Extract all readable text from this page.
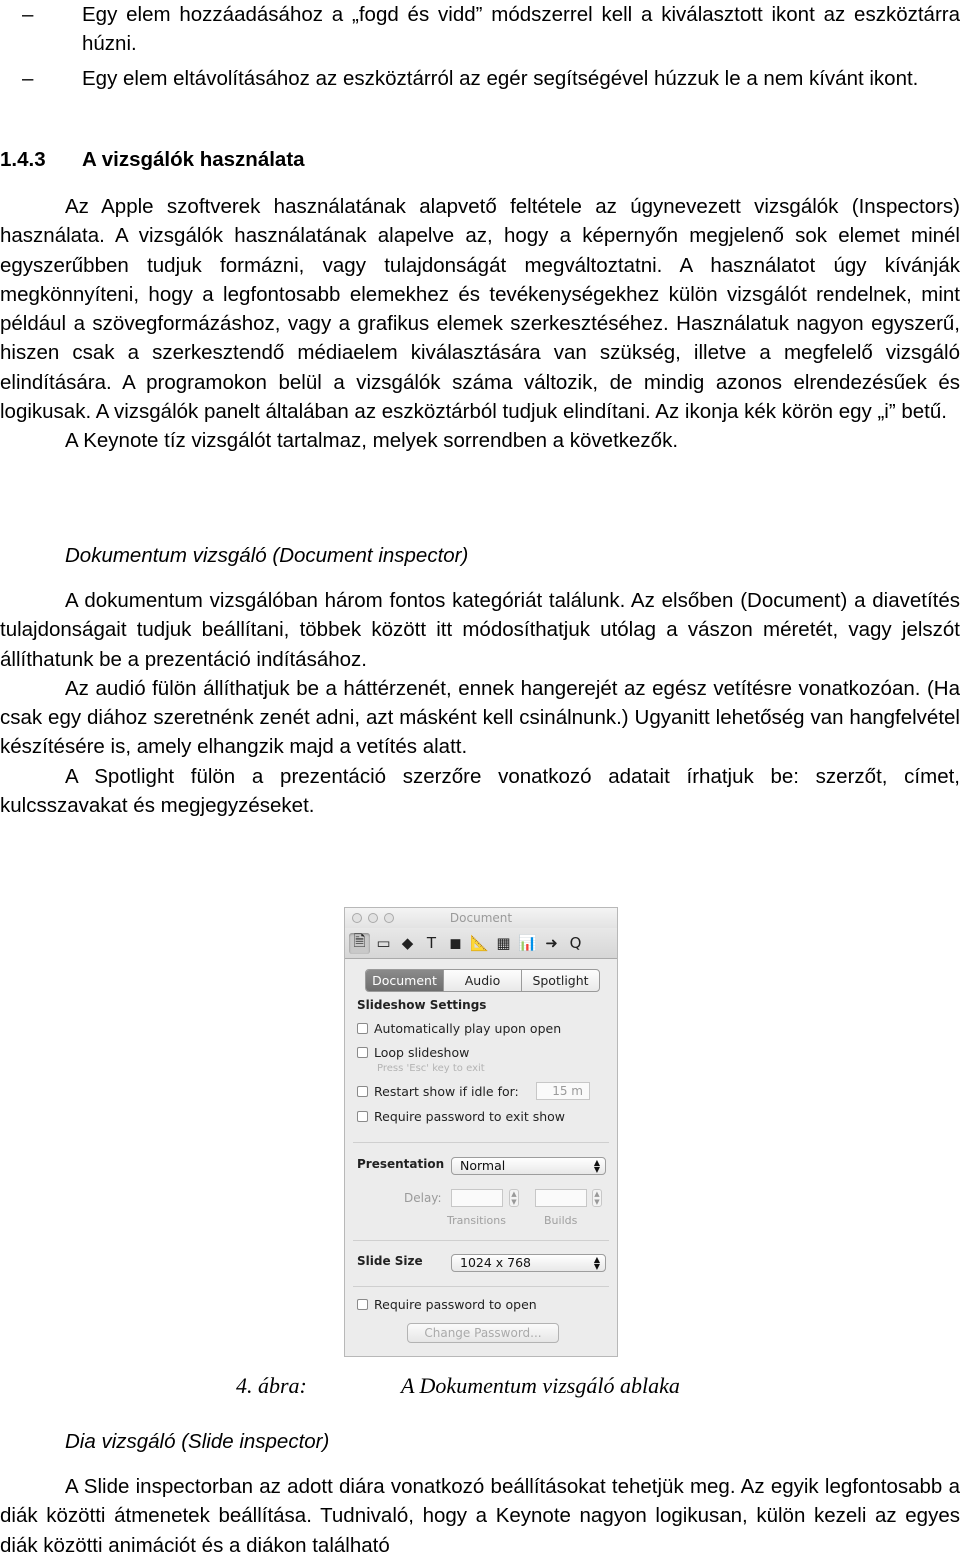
– Egy elem hozzáadásához a „fogd és vidd” módszerrel kell a kiválasztott ikont az eszköztárra húzni.
– Egy elem eltávolításához az eszköztárról az egér segítségével húzzuk le a nem kívánt ikont.
1.4.3 A vizsgálók használata

Az Apple szoftverek használatának alapvető feltétele az úgynevezett vizsgálók (Inspectors) használata. A vizsgálók használatának alapelve az, hogy a képernyőn megjelenő sok elemet minél egyszerűbben tudjuk formázni, vagy tulajdonságát megváltoztatni. A használatot úgy kívánják megkönnyíteni, hogy a legfontosabb elemekhez és tevékenységekhez külön vizsgálót rendelnek, mint például a szövegformázáshoz, vagy a grafikus elemek szerkesztéséhez. Használatuk nagyon egyszerű, hiszen csak a szerkesztendő médiaelem kiválasztására van szükség, illetve a megfelelő vizsgáló elindítására. A programokon belül a vizsgálók száma változik, de mindig azonos elrendezésűek és logikusak. A vizsgálók panelt általában az eszköztárból tudjuk elindítani. Az ikonja kék körön egy „i” betű.

A Keynote tíz vizsgálót tartalmaz, melyek sorrendben a következők.

Dokumentum vizsgáló (Document inspector)

A dokumentum vizsgálóban három fontos kategóriát találunk. Az elsőben (Document) a diavetítés tulajdonságait tudjuk beállítani, többek között itt módosíthatjuk utólag a vászon méretét, vagy jelszót állíthatunk be a prezentáció indításához.

Az audió fülön állíthatjuk be a háttérzenét, ennek hangerejét az egész vetítésre vonatkozóan. (Ha csak egy diához szeretnénk zenét adni, azt másként kell csinálnunk.) Ugyanitt lehetőség van hangfelvétel készítésére is, amely elhangzik majd a vetítés alatt.

A Spotlight fülön a prezentáció szerzőre vonatkozó adatait írhatjuk be: szerzőt, címet, kulcsszavakat és megjegyzéseket.

Document
🗎 ▭ ◆ T ◼ 📐 ▦ 📊 ➜ Q
Document	Audio	Spotlight
Slideshow Settings
Automatically play upon open
Loop slideshow
Press 'Esc' key to exit
Restart show if idle for:	15 m
Require password to exit show
Presentation	Normal	▲
▼
Delay:	▲
▼
▲
▼
Transitions	Builds
Slide Size	1024 x 768	▲
▼
Require password to open
Change Password...
4. ábra:	A Dokumentum vizsgáló ablaka
Dia vizsgáló (Slide inspector)

A Slide inspectorban az adott diára vonatkozó beállításokat tehetjük meg. Az egyik legfontosabb a diák közötti átmenetek beállítása. Tudnivaló, hogy a Keynote nagyon logikusan, külön kezeli az egyes diák közötti animációt és a diákon található
